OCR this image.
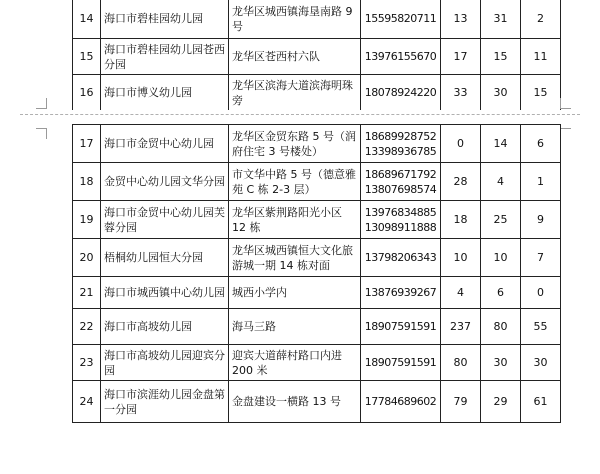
14	海口市碧桂园幼儿园	龙华区城西镇海垦南路 9 号	15595820711	13	31	2
15	海口市碧桂园幼儿园苍西分园	龙华区苍西村六队	13976155670	17	15	11
16	海口市博义幼儿园	龙华区滨海大道滨海明珠旁	18078924220	33	30	15
17	海口市金贸中心幼儿园	龙华区金贸东路 5 号（润府住宅 3 号楼处）	18689928752 13398936785	0	14	6
18	金贸中心幼儿园文华分园	市文华中路 5 号（德意雅苑 C 栋 2-3 层）	18689671792 13807698574	28	4	1
19	海口市金贸中心幼儿园芙蓉分园	龙华区紫荆路阳光小区 12 栋	13976834885 13098911888	18	25	9
20	梧桐幼儿园恒大分园	龙华区城西镇恒大文化旅游城一期 14 栋对面	13798206343	10	10	7
21	海口市城西镇中心幼儿园	城西小学内	13876939267	4	6	0
22	海口市高坡幼儿园	海马三路	18907591591	237	80	55
23	海口市高坡幼儿园迎宾分园	迎宾大道薛村路口内进 200 米	18907591591	80	30	30
24	海口市滨涯幼儿园金盘第一分园	金盘建设一横路 13 号	17784689602	79	29	61
